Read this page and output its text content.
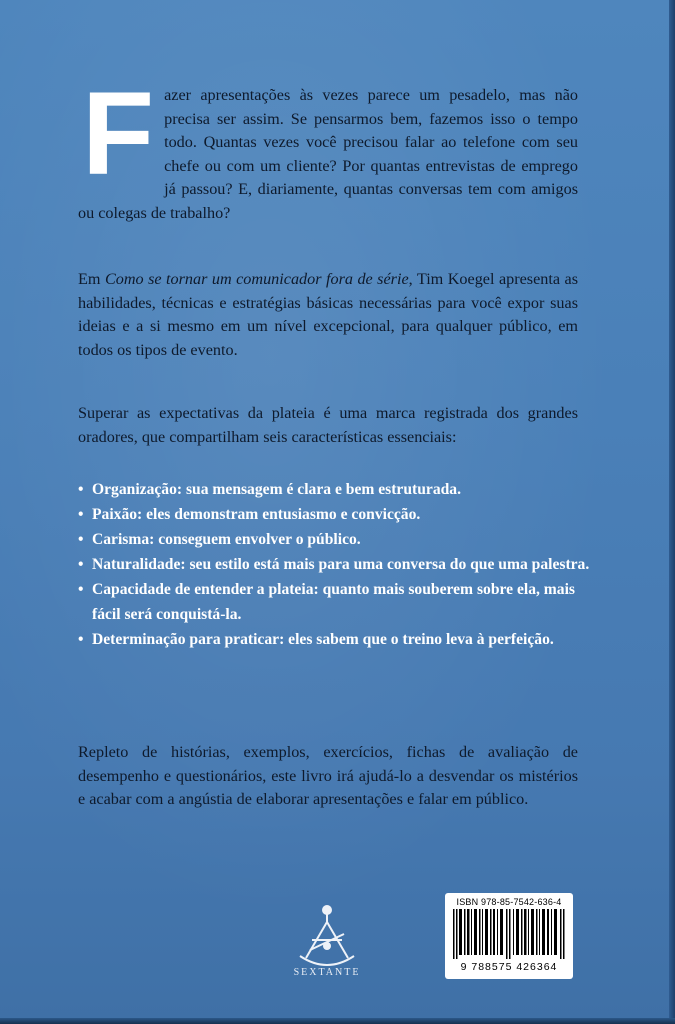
F azer apresentações às vezes parece um pesadelo, mas não precisa ser assim. Se pensarmos bem, fazemos isso o tempo todo. Quantas vezes você precisou falar ao telefone com seu chefe ou com um cliente? Por quantas entrevistas de emprego já passou? E, diariamente, quantas conversas tem com amigos ou colegas de trabalho?
Em Como se tornar um comunicador fora de série, Tim Koegel apresenta as habilidades, técnicas e estratégias básicas necessárias para você expor suas ideias e a si mesmo em um nível excepcional, para qualquer público, em todos os tipos de evento.
Superar as expectativas da plateia é uma marca registrada dos grandes oradores, que compartilham seis características essenciais:
• Organização: sua mensagem é clara e bem estruturada.
• Paixão: eles demonstram entusiasmo e convicção.
• Carisma: conseguem envolver o público.
• Naturalidade: seu estilo está mais para uma conversa do que uma palestra.
• Capacidade de entender a plateia: quanto mais souberem sobre ela, mais fácil será conquistá-la.
• Determinação para praticar: eles sabem que o treino leva à perfeição.
Repleto de histórias, exemplos, exercícios, fichas de avaliação de desempenho e questionários, este livro irá ajudá-lo a desvendar os mistérios e acabar com a angústia de elaborar apresentações e falar em público.
SEXTANTE
ISBN 978-85-7542-636-4
9 788575 426364
